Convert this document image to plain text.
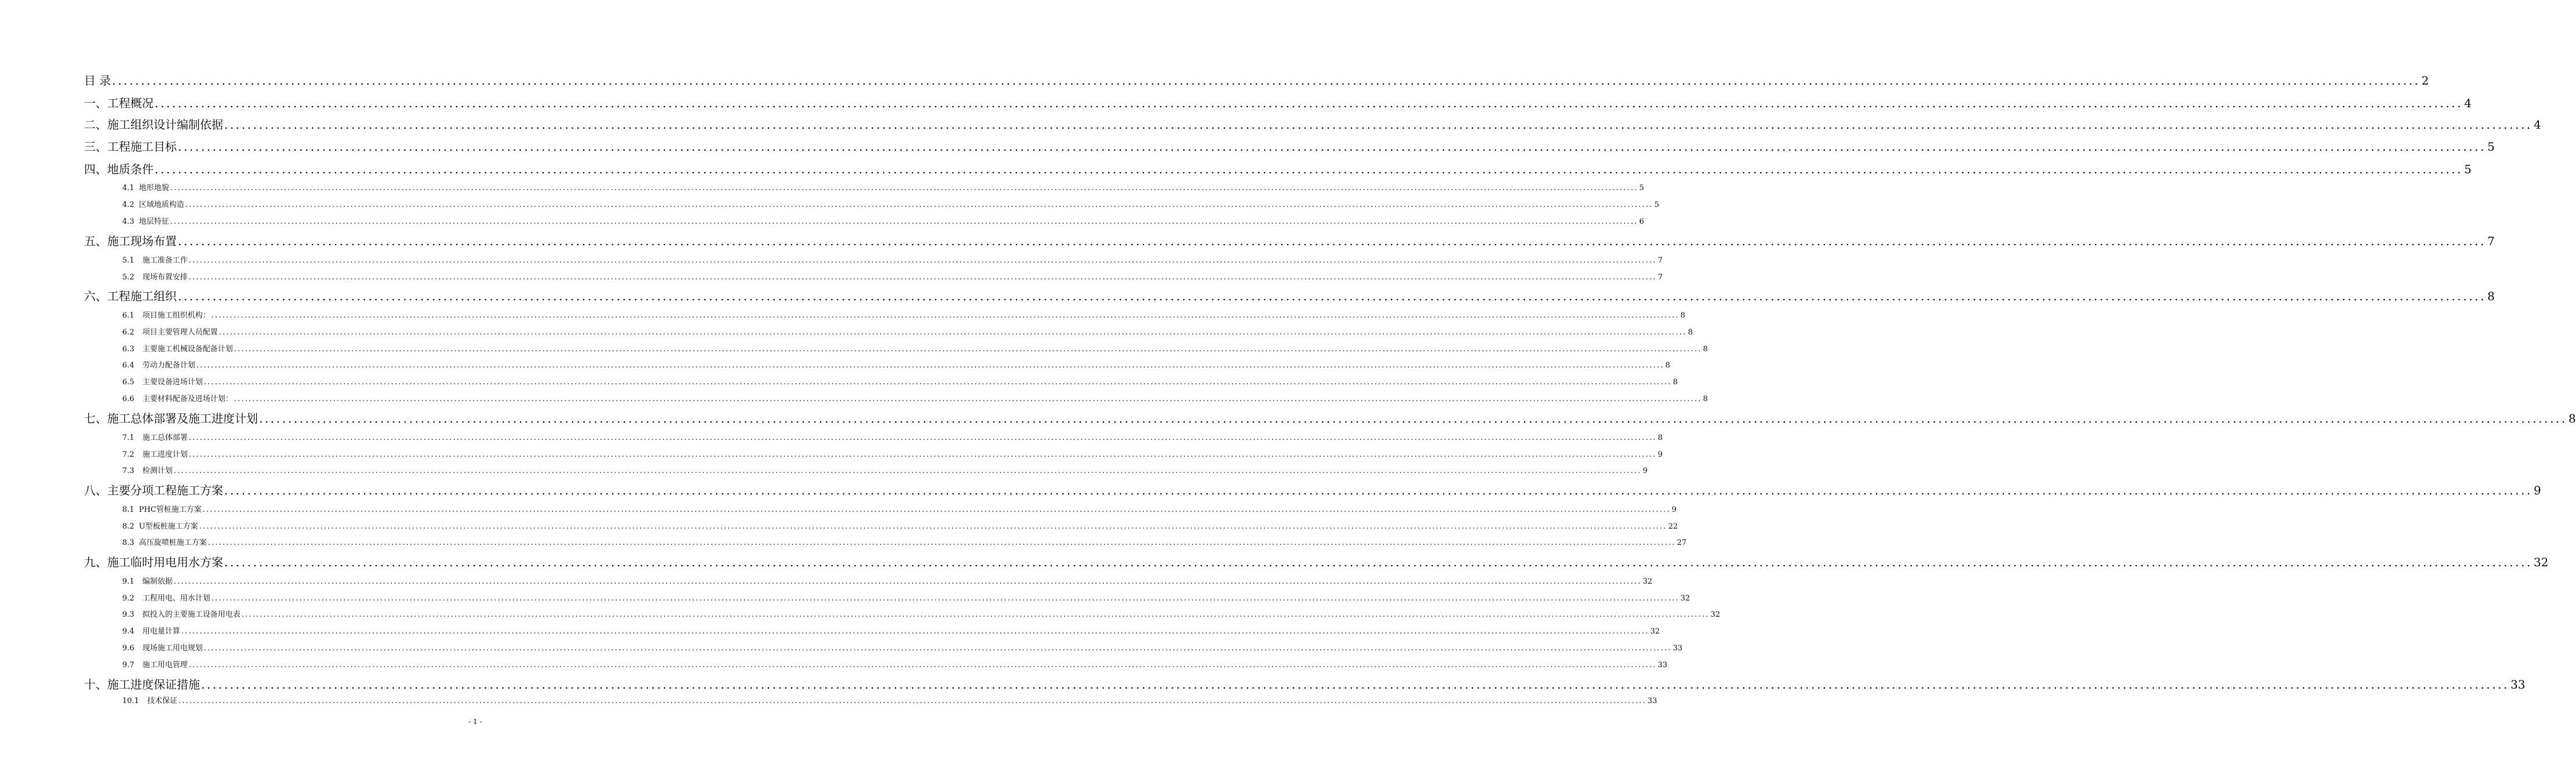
目 录 ................................................................................................................................................................................................................................................................................................................................................................................................................ 2
一、工程概况 ................................................................................................................................................................................................................................................................................................................................................................................................................ 4
二、施工组织设计编制依据 ................................................................................................................................................................................................................................................................................................................................................................................................................ 4
三、工程施工目标 ................................................................................................................................................................................................................................................................................................................................................................................................................ 5
四、地质条件 ................................................................................................................................................................................................................................................................................................................................................................................................................ 5
4.1 地形地貌 ................................................................................................................................................................................................................................................................................................................................................................................................................ 5
4.2 区域地质构造 ................................................................................................................................................................................................................................................................................................................................................................................................................ 5
4.3 地层特征 ................................................................................................................................................................................................................................................................................................................................................................................................................ 6
五、施工现场布置 ................................................................................................................................................................................................................................................................................................................................................................................................................ 7
5.1 施工准备工作 ................................................................................................................................................................................................................................................................................................................................................................................................................ 7
5.2 现场布置安排 ................................................................................................................................................................................................................................................................................................................................................................................................................ 7
六、工程施工组织 ................................................................................................................................................................................................................................................................................................................................................................................................................ 8
6.1 项目施工组织机构： ................................................................................................................................................................................................................................................................................................................................................................................................................ 8
6.2 项目主要管理人员配置 ................................................................................................................................................................................................................................................................................................................................................................................................................ 8
6.3 主要施工机械设备配备计划 ................................................................................................................................................................................................................................................................................................................................................................................................................ 8
6.4 劳动力配备计划 ................................................................................................................................................................................................................................................................................................................................................................................................................ 8
6.5 主要设备进场计划 ................................................................................................................................................................................................................................................................................................................................................................................................................ 8
6.6 主要材料配备及进场计划： ................................................................................................................................................................................................................................................................................................................................................................................................................ 8
七、施工总体部署及施工进度计划 ................................................................................................................................................................................................................................................................................................................................................................................................................ 8
7.1 施工总体部署 ................................................................................................................................................................................................................................................................................................................................................................................................................ 8
7.2 施工进度计划 ................................................................................................................................................................................................................................................................................................................................................................................................................ 9
7.3 检测计划 ................................................................................................................................................................................................................................................................................................................................................................................................................ 9
八、主要分项工程施工方案 ................................................................................................................................................................................................................................................................................................................................................................................................................ 9
8.1 PHC管桩施工方案 ................................................................................................................................................................................................................................................................................................................................................................................................................ 9
8.2 U型板桩施工方案 ................................................................................................................................................................................................................................................................................................................................................................................................................ 22
8.3 高压旋喷桩施工方案 ................................................................................................................................................................................................................................................................................................................................................................................................................ 27
九、施工临时用电用水方案 ................................................................................................................................................................................................................................................................................................................................................................................................................ 32
9.1 编制依据 ................................................................................................................................................................................................................................................................................................................................................................................................................ 32
9.2 工程用电、用水计划 ................................................................................................................................................................................................................................................................................................................................................................................................................ 32
9.3 拟投入的主要施工设备用电表 ................................................................................................................................................................................................................................................................................................................................................................................................................ 32
9.4 用电量计算 ................................................................................................................................................................................................................................................................................................................................................................................................................ 32
9.6 现场施工用电规划 ................................................................................................................................................................................................................................................................................................................................................................................................................ 33
9.7 施工用电管理 ................................................................................................................................................................................................................................................................................................................................................................................................................ 33
十、施工进度保证措施 ................................................................................................................................................................................................................................................................................................................................................................................................................ 33
10.1 技术保证 ................................................................................................................................................................................................................................................................................................................................................................................................................ 33
- 1 -
